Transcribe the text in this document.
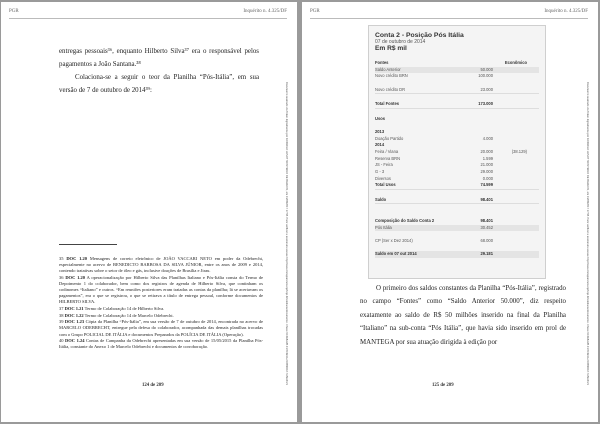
PGR	Inquérito n. 4.325/DF

entregas pessoais³⁶, enquanto Hilberto Silva³⁷ era o responsável pelos pagamentos a João Santana.³⁸

Colaciona-se a seguir o teor da Planilha “Pós-Itália”, em sua versão de 7 de outubro de 2014³⁹:

35 DOC 1.20 Mensagens de correio eletrônico de JOÃO VACCARI NETO em poder da Odebrecht, especialmente no acervo de BENEDICTO BARBOSA DA SILVA JÚNIOR, entre os anos de 2009 e 2014, contendo tratativas sobre o setor de óleo e gás, inclusive doações de Brasília e Jirau.
36 DOC 1.20 A operacionalização por Hilberto Silva das Planilhas Italiano e Pós-Itália consta do Termo de Depoimento 1 do colaborador, bem como dos registros de agenda de Hilberto Silva, que continham os codinomes “Italiano” e outros. “Em reuniões posteriores eram tratadas as contas da planilha; lá se acertavam os pagamentos”, era o que se registrou, o que se retirava a título de entrega pessoal, conforme documentos de HILBERTO SILVA.
37 DOC 1.21 Termo de Colaboração 14 de Hilberto Silva.
38 DOC 1.22 Termo de Colaboração 14 de Marcelo Odebrecht.
39 DOC 1.23 Cópia da Planilha “Pós-Itália”, em sua versão de 7 de outubro de 2014, encontrada no acervo de MARCELO ODEBRECHT, entregue pela defesa do colaborador, acompanhada das demais planilhas trocadas com o Grupo POLICIAL DE ITÁLIA e documentos Preparados da POLÍCIA DE ITÁLIA (Operação).
40 DOC 1.24 Contas de Campanha da Odebrecht apresentadas em sua versão de 15/05/2015 da Planilha Pós-Itália, constante do Anexo 1 de Marcelo Odebrecht e documentos de corroboração.
124 de 209
Documento assinado via Token digitalmente por RODRIGO JANOT MONTEIRO DE BARROS, em 31/08/2017 17:58. Para verificar a assinatura acesse http://www.transparencia.mpf.mp.br/validacaodocumento. Chave 9C4E8A2B.F17D4E3A.2C6B9D10.7A5E3F21
PGR	Inquérito n. 4.325/DF
Conta 2 - Posição Pós Itália
07 de outubro de 2014
Em R$ mil
Fontes	Econômico
Saldo Anterior	50.000
Novo crédito BRN	100.000
Novo crédito DR	23.000
Total Fontes	173.000
Usos
2013
Doação Partido	4.000
2014
Feira / Viana	20.000	(38.129)
Reserva BRN	1.599
JS - Feira	21.000
G - 3	29.000
Diversos	0.000
Total Usos	74.599
Saldo	98.401
Composição do Saldo Conta 2	98.401
Pós Itália	30.452
CP (Ser x Dez 2014)	68.000
Saldo em 07 out 2014	29.181

O primeiro dos saldos constantes da Planilha “Pós-Itália”, registrado no campo “Fontes” como “Saldo Anterior 50.000”, diz respeito exatamente ao saldo de R$ 50 milhões inserido na final da Planilha “Italiano” na sub-conta “Pós Itália”, que havia sido inserido em prol de MANTEGA por sua atuação dirigida à edição por

125 de 209
Documento assinado via Token digitalmente por RODRIGO JANOT MONTEIRO DE BARROS, em 31/08/2017 17:58. Para verificar a assinatura acesse http://www.transparencia.mpf.mp.br/validacaodocumento. Chave 9C4E8A2B.F17D4E3A.2C6B9D10.7A5E3F21
